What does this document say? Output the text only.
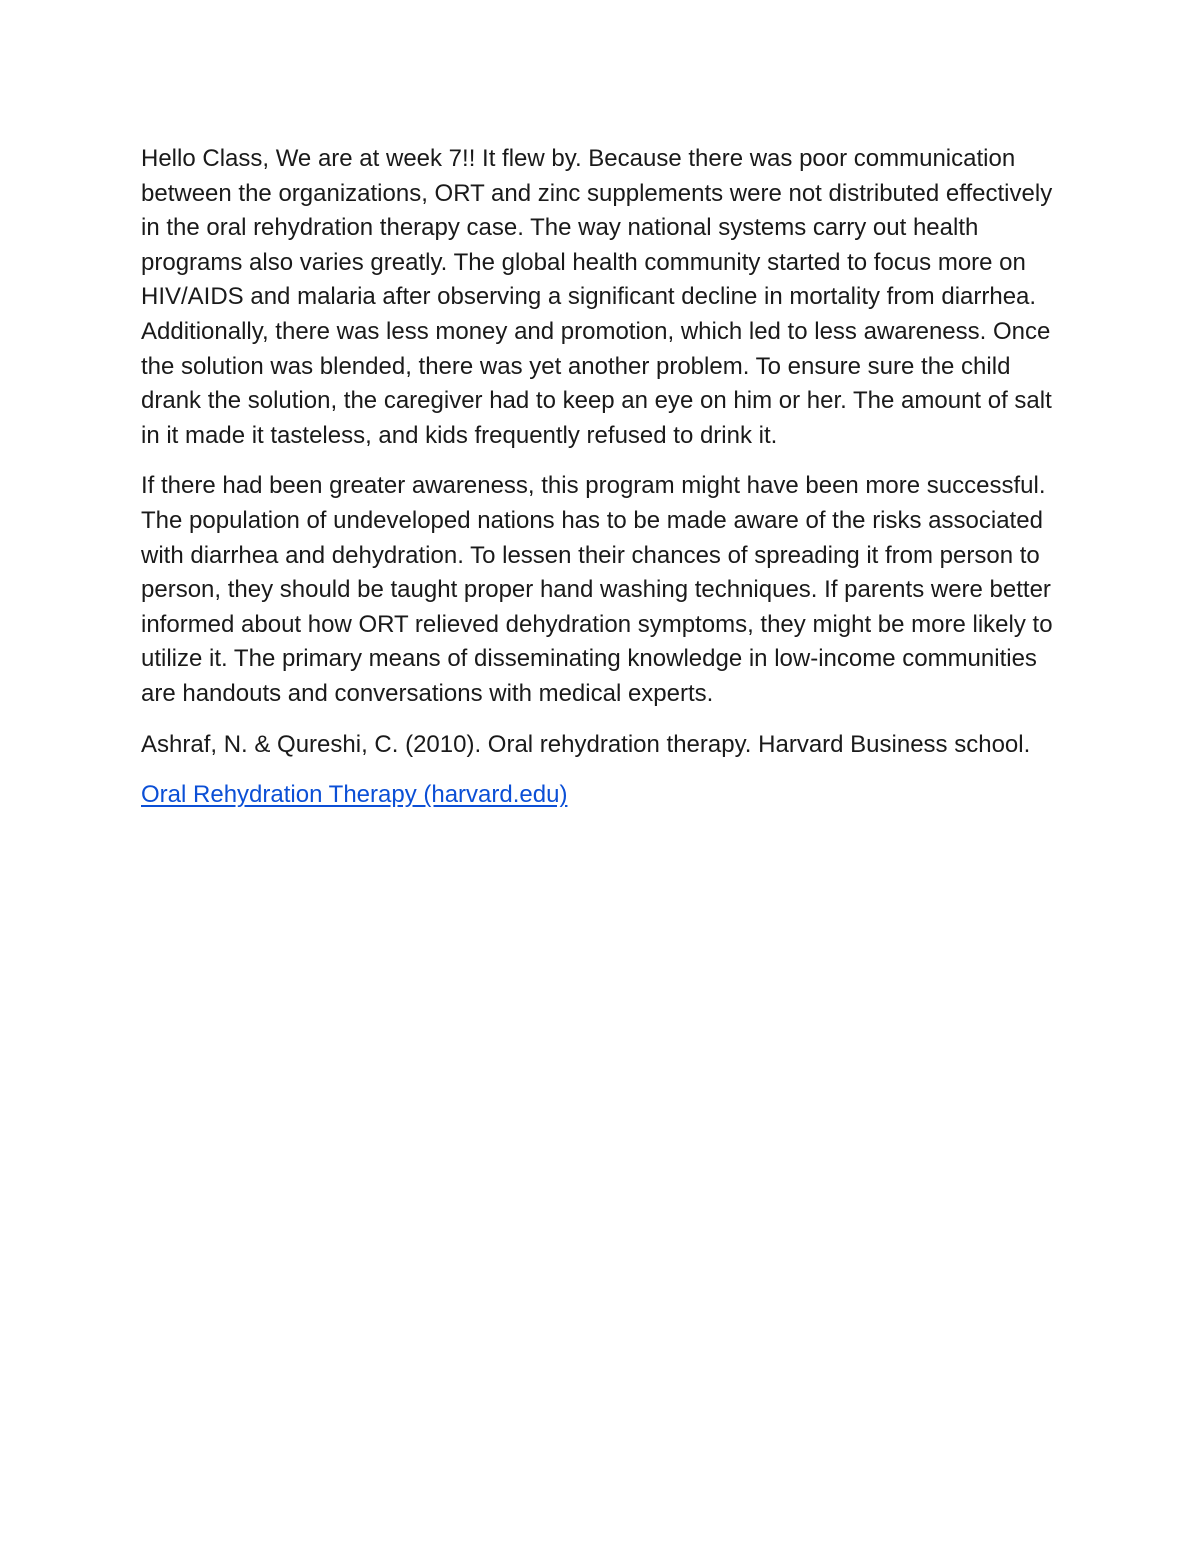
Hello Class, We are at week 7!! It flew by. Because there was poor communication between the organizations, ORT and zinc supplements were not distributed effectively in the oral rehydration therapy case. The way national systems carry out health programs also varies greatly. The global health community started to focus more on HIV/AIDS and malaria after observing a significant decline in mortality from diarrhea. Additionally, there was less money and promotion, which led to less awareness. Once the solution was blended, there was yet another problem. To ensure sure the child drank the solution, the caregiver had to keep an eye on him or her. The amount of salt in it made it tasteless, and kids frequently refused to drink it.

If there had been greater awareness, this program might have been more successful. The population of undeveloped nations has to be made aware of the risks associated with diarrhea and dehydration. To lessen their chances of spreading it from person to person, they should be taught proper hand washing techniques. If parents were better informed about how ORT relieved dehydration symptoms, they might be more likely to utilize it. The primary means of disseminating knowledge in low-income communities are handouts and conversations with medical experts.

Ashraf, N. & Qureshi, C. (2010). Oral rehydration therapy. Harvard Business school.

Oral Rehydration Therapy (harvard.edu)
